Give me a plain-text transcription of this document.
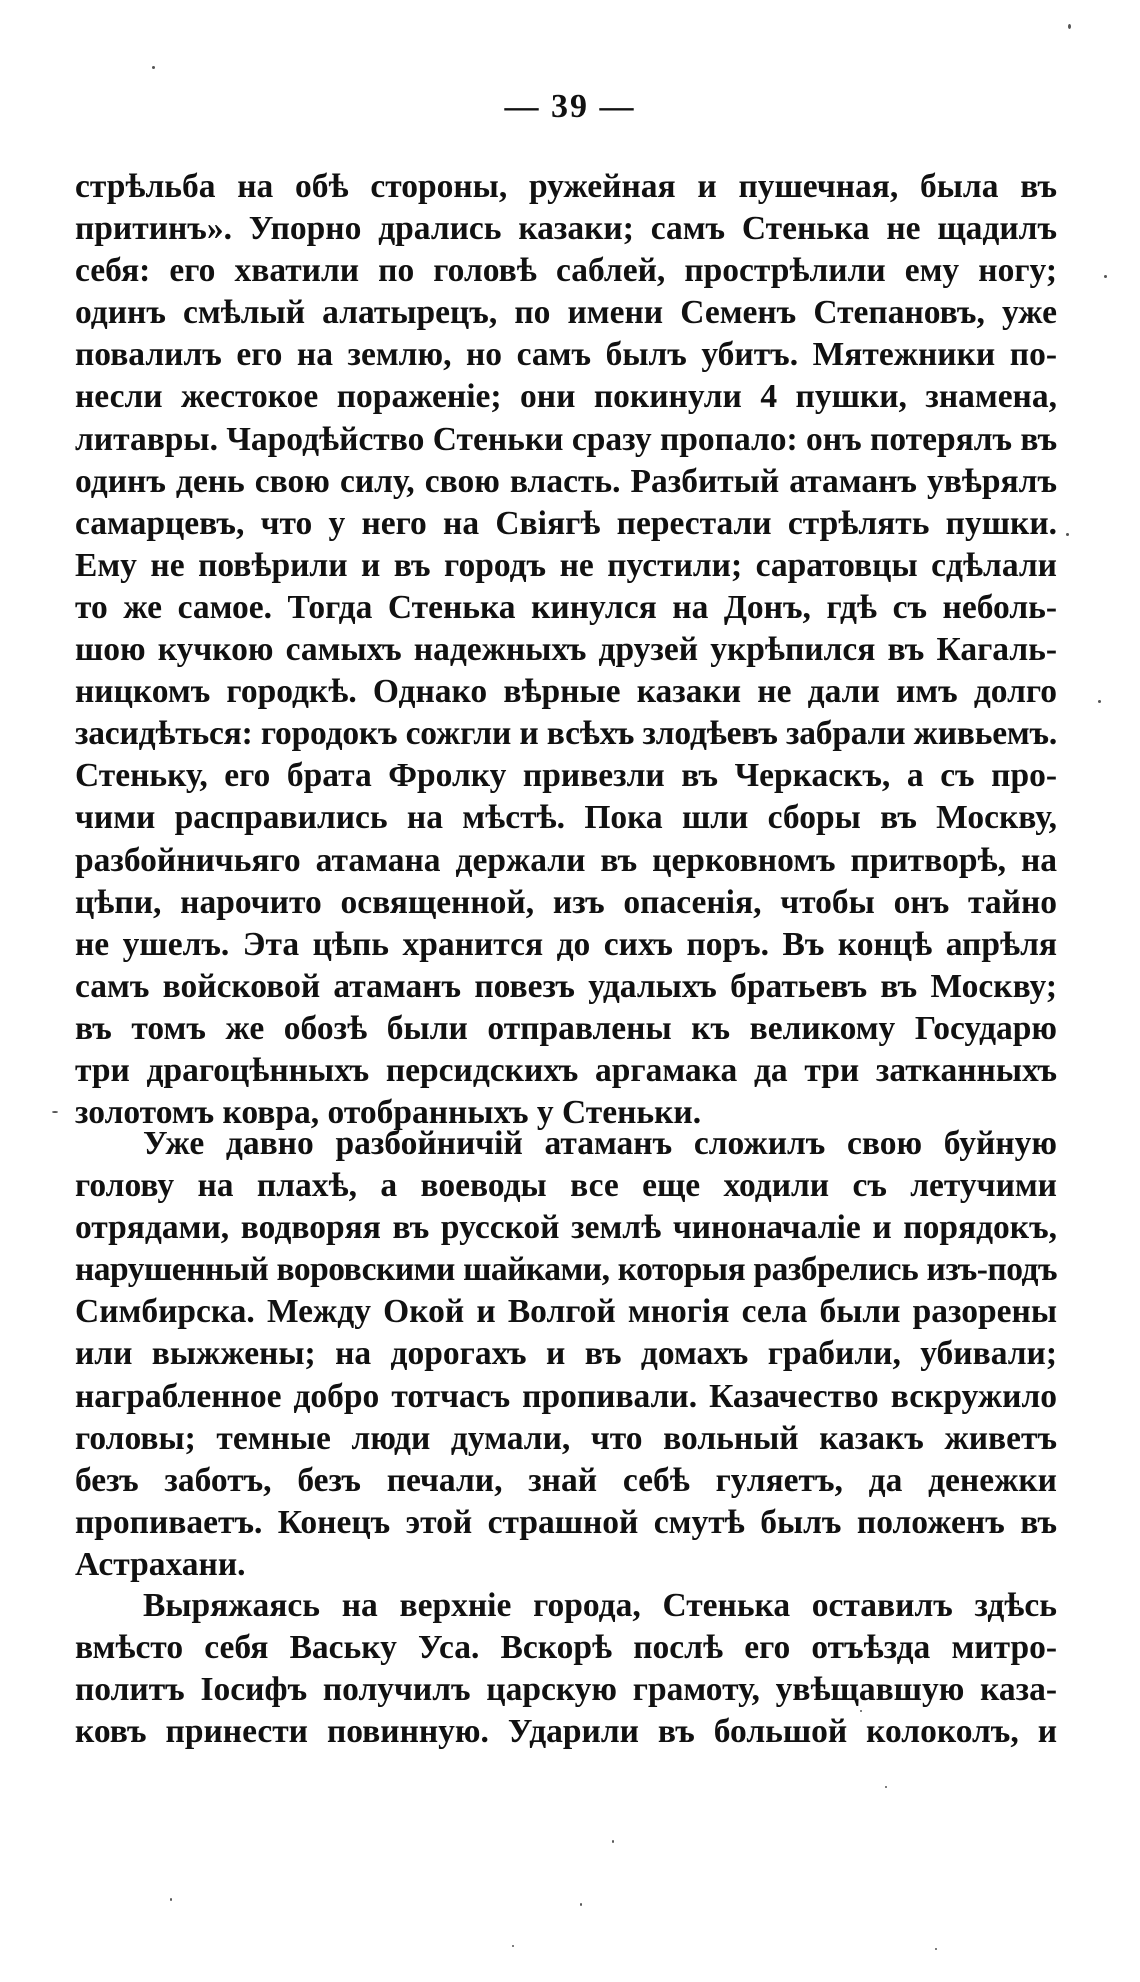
— 39 —
стрѣльба на обѣ стороны, ружейная и пушечная, была въ
притинъ». Упорно дрались казаки; самъ Стенька не щадилъ
себя: его хватили по головѣ саблей, прострѣлили ему ногу;
одинъ смѣлый алатырецъ, по имени Семенъ Степановъ, уже
повалилъ его на землю, но самъ былъ убитъ. Мятежники по-
несли жестокое пораженіе; они покинули 4 пушки, знамена,
литавры. Чародѣйство Стеньки сразу пропало: онъ потерялъ въ
одинъ день свою силу, свою власть. Разбитый атаманъ увѣрялъ
самарцевъ, что у него на Свіягѣ перестали стрѣлять пушки.
Ему не повѣрили и въ городъ не пустили; саратовцы сдѣлали
то же самое. Тогда Стенька кинулся на Донъ, гдѣ съ неболь-
шою кучкою самыхъ надежныхъ друзей укрѣпился въ Кагаль-
ницкомъ городкѣ. Однако вѣрные казаки не дали имъ долго
засидѣться: городокъ сожгли и всѣхъ злодѣевъ забрали живьемъ.
Стеньку, его брата Фролку привезли въ Черкаскъ, а съ про-
чими расправились на мѣстѣ. Пока шли сборы въ Москву,
разбойничьяго атамана держали въ церковномъ притворѣ, на
цѣпи, нарочито освященной, изъ опасенія, чтобы онъ тайно
не ушелъ. Эта цѣпь хранится до сихъ поръ. Въ концѣ апрѣля
самъ войсковой атаманъ повезъ удалыхъ братьевъ въ Москву;
въ томъ же обозѣ были отправлены къ великому Государю
три драгоцѣнныхъ персидскихъ аргамака да три затканныхъ
золотомъ ковра, отобранныхъ у Стеньки.
Уже давно разбойничій атаманъ сложилъ свою буйную
голову на плахѣ, а воеводы все еще ходили съ летучими
отрядами, водворяя въ русской землѣ чиноначаліе и порядокъ,
нарушенный воровскими шайками, которыя разбрелись изъ-подъ
Симбирска. Между Окой и Волгой многія села были разорены
или выжжены; на дорогахъ и въ домахъ грабили, убивали;
награбленное добро тотчасъ пропивали. Казачество вскружило
головы; темные люди думали, что вольный казакъ живетъ
безъ заботъ, безъ печали, знай себѣ гуляетъ, да денежки
пропиваетъ. Конецъ этой страшной смутѣ былъ положенъ въ
Астрахани.
Выряжаясь на верхніе города, Стенька оставилъ здѣсь
вмѣсто себя Ваську Уса. Вскорѣ послѣ его отъѣзда митро-
политъ Іосифъ получилъ царскую грамоту, увѣщавшую каза-
ковъ принести повинную. Ударили въ большой колоколъ, и
